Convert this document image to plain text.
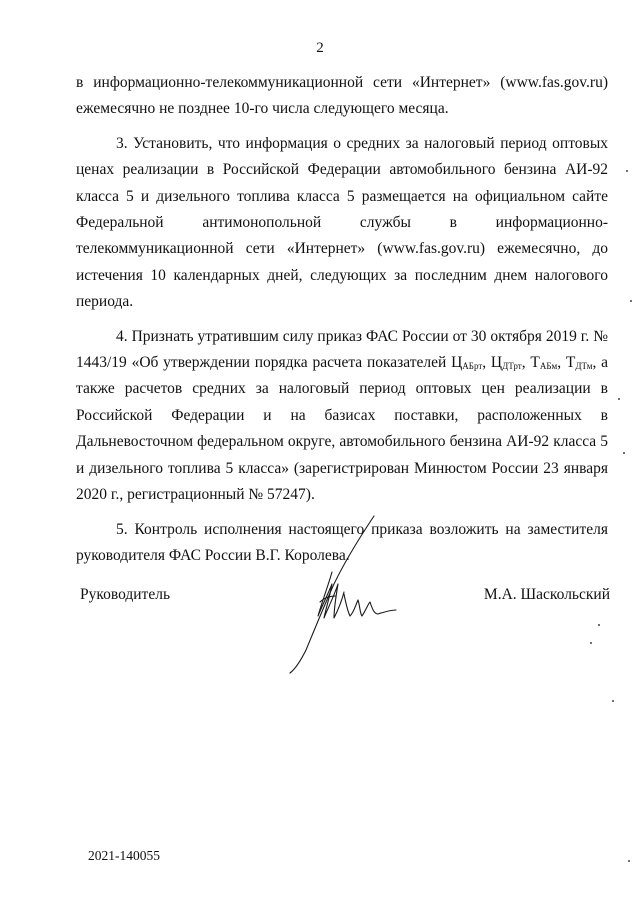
2

в информационно-телекоммуникационной сети «Интернет» (www.fas.gov.ru) ежемесячно не позднее 10-го числа следующего месяца.

3. Установить, что информация о средних за налоговый период оптовых ценах реализации в Российской Федерации автомобильного бензина АИ-92 класса 5 и дизельного топлива класса 5 размещается на официальном сайте Федеральной антимонопольной службы в информационно-телекоммуникационной сети «Интернет» (www.fas.gov.ru) ежемесячно, до истечения 10 календарных дней, следующих за последним днем налогового периода.

4. Признать утратившим силу приказ ФАС России от 30 октября 2019 г. № 1443/19 «Об утверждении порядка расчета показателей $Ц_{АБрт}$, $Ц_{ДТрт}$, $Т_{АБм}$, $Т_{ДТм}$, а также расчетов средних за налоговый период оптовых цен реализации в Российской Федерации и на базисах поставки, расположенных в Дальневосточном федеральном округе, автомобильного бензина АИ-92 класса 5 и дизельного топлива 5 класса» (зарегистрирован Минюстом России 23 января 2020 г., регистрационный № 57247).

5. Контроль исполнения настоящего приказа возложить на заместителя руководителя ФАС России В.Г. Королева.

Руководитель	М.А. Шаскольский
2021-140055
